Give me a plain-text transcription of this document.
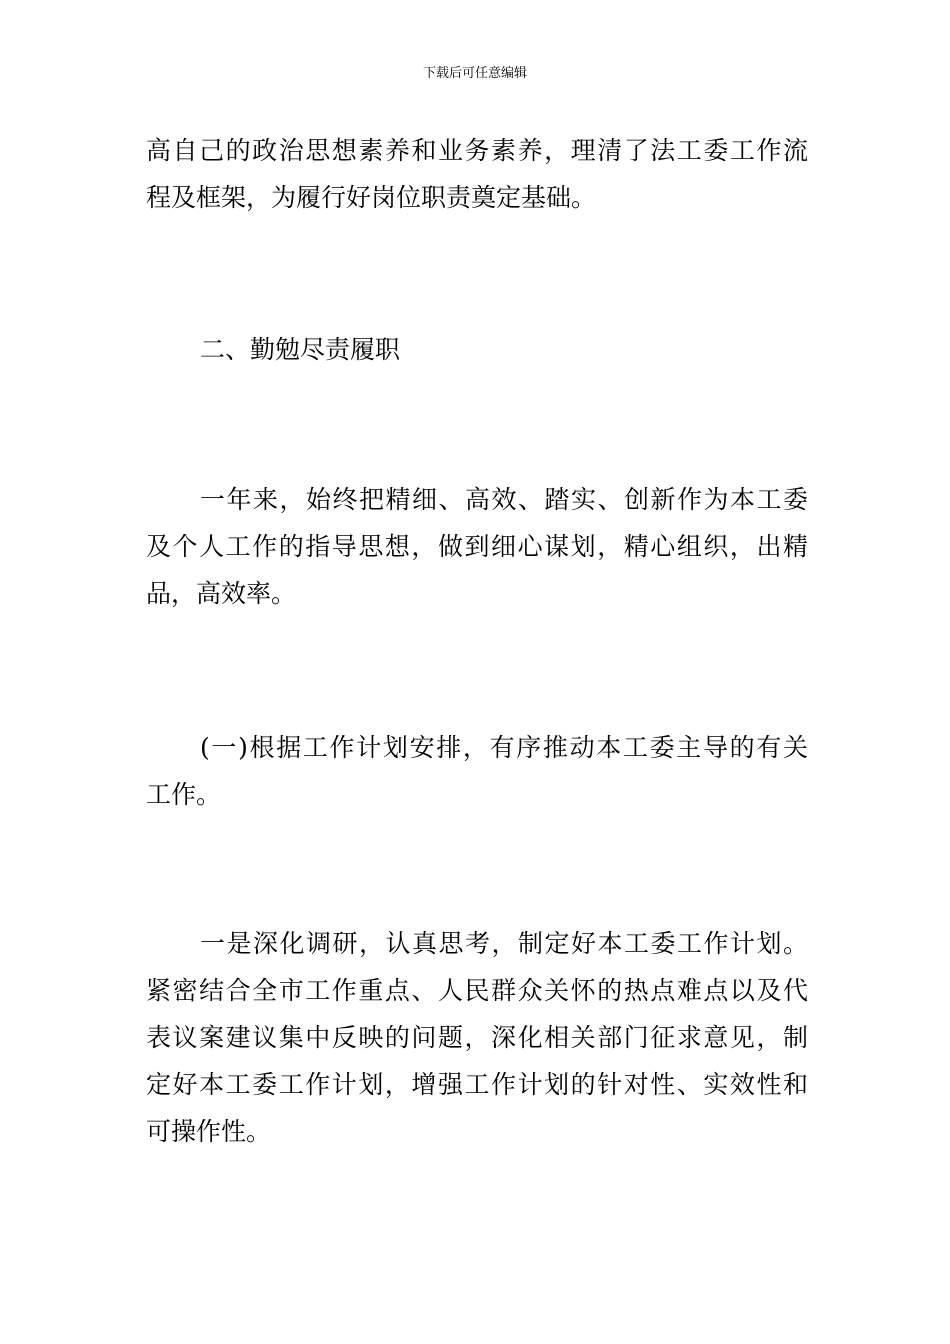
下载后可任意编辑

高自己的政治思想素养和业务素养，理清了法工委工作流
程及框架，为履行好岗位职责奠定基础。

二、勤勉尽责履职

一年来，始终把精细、高效、踏实、创新作为本工委
及个人工作的指导思想，做到细心谋划，精心组织，出精
品，高效率。

(一)根据工作计划安排，有序推动本工委主导的有关
工作。

一是深化调研，认真思考，制定好本工委工作计划。
紧密结合全市工作重点、人民群众关怀的热点难点以及代
表议案建议集中反映的问题，深化相关部门征求意见，制
定好本工委工作计划，增强工作计划的针对性、实效性和
可操作性。
